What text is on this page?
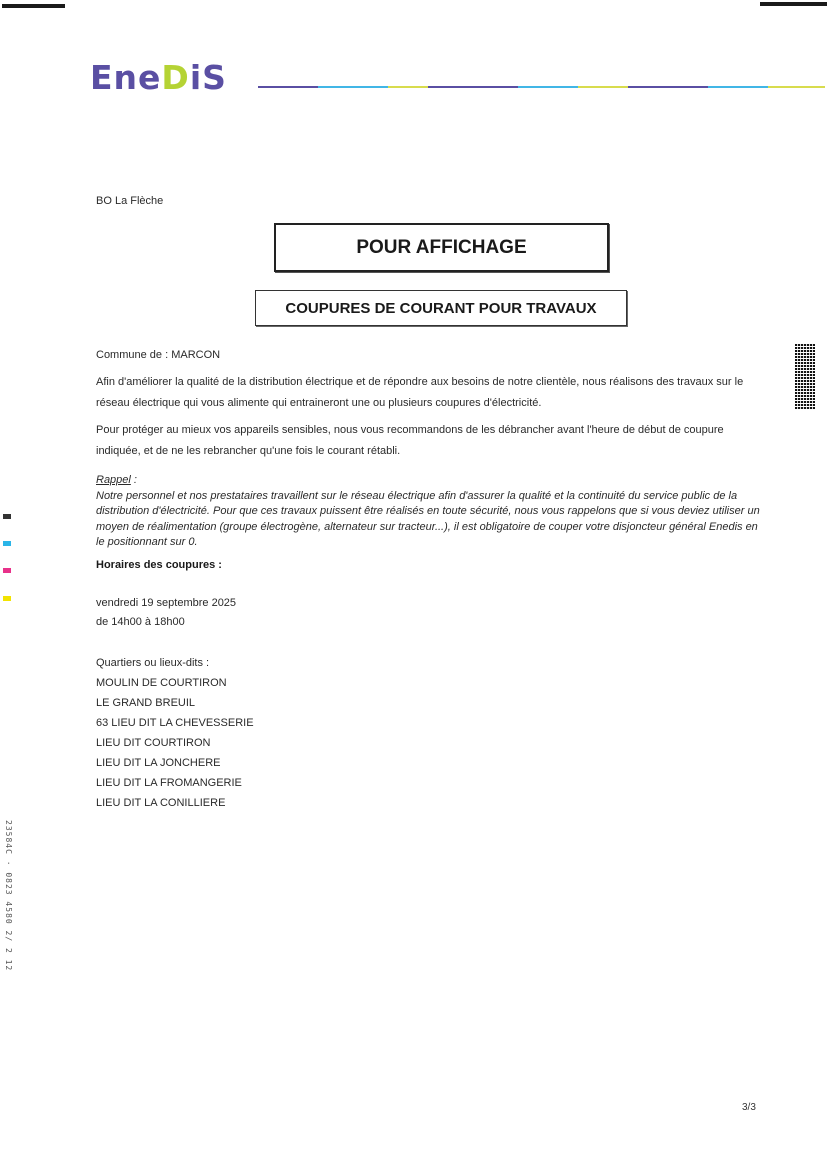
EneDiS
BO La Flèche
POUR AFFICHAGE
COUPURES DE COURANT POUR TRAVAUX
Commune de : MARCON
Afin d'améliorer la qualité de la distribution électrique et de répondre aux besoins de notre clientèle, nous réalisons des travaux sur le réseau électrique qui vous alimente qui entraineront une ou plusieurs coupures d'électricité.
Pour protéger au mieux vos appareils sensibles, nous vous recommandons de les débrancher avant l'heure de début de coupure indiquée, et de ne les rebrancher qu'une fois le courant rétabli.
Rappel :
Notre personnel et nos prestataires travaillent sur le réseau électrique afin d'assurer la qualité et la continuité du service public de la distribution d'électricité. Pour que ces travaux puissent être réalisés en toute sécurité, nous vous rappelons que si vous deviez utiliser un moyen de réalimentation (groupe électrogène, alternateur sur tracteur...), il est obligatoire de couper votre disjoncteur général Enedis en le positionnant sur 0.
Horaires des coupures :
vendredi 19 septembre 2025
de 14h00 à 18h00
Quartiers ou lieux-dits :
MOULIN DE COURTIRON
LE GRAND BREUIL
63 LIEU DIT LA CHEVESSERIE
LIEU DIT COURTIRON
LIEU DIT LA JONCHERE
LIEU DIT LA FROMANGERIE
LIEU DIT LA CONILLIERE
23584C · 0823 4580 2/ 2 12
3/3
